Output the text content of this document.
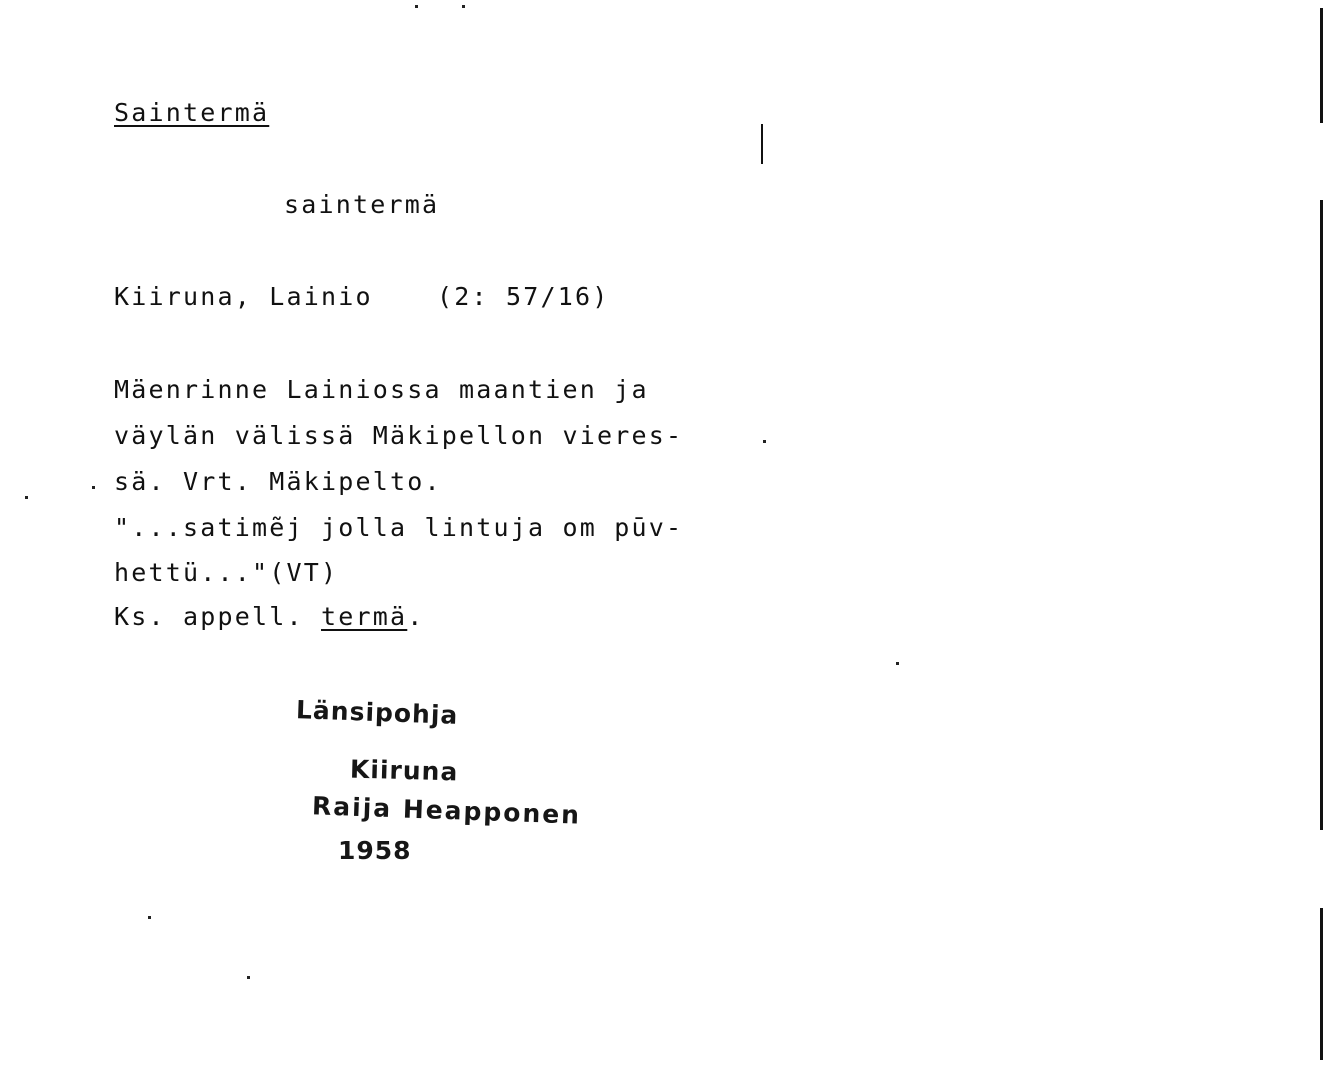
Saintermä
saintermä
Kiiruna, Lainio	(2: 57/16)
Mäenrinne Lainiossa maantien ja
väylän välissä Mäkipellon vieres-
sä. Vrt. Mäkipelto.
"...satimẽj jolla lintuja om pūv-
hettü..."(VT)
Ks. appell. termä.
Länsipohja
Kiiruna
Raija Heapponen
1958
